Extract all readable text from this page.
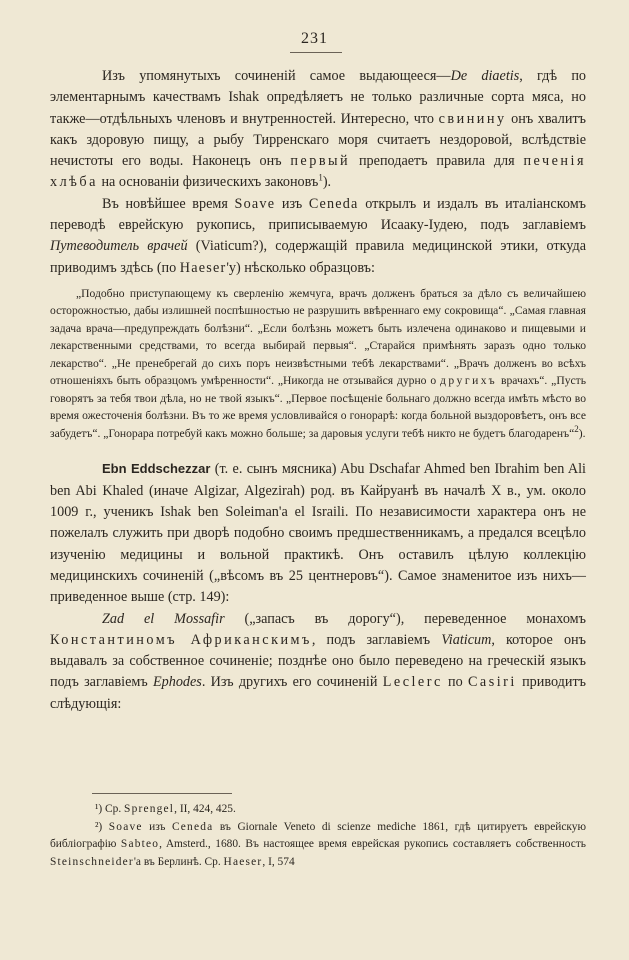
231

Изъ упомянутыхъ сочиненій самое выдающееся—De diaetis, гдѣ по элементарнымъ качествамъ Ishak опредѣляетъ не только различные сорта мяса, но также—отдѣльныхъ членовъ и внутренностей. Интересно, что свинину онъ хвалитъ какъ здоровую пищу, а рыбу Тирренскаго моря считаетъ нездоровой, вслѣдствіе нечистоты его воды. Наконецъ онъ первый преподаетъ правила для печенія хлѣба на основаніи физическихъ законовъ$^1$).

Въ новѣйшее время Soave изъ Ceneda открылъ и издалъ въ италіанскомъ переводѣ еврейскую рукопись, приписываемую Исааку-Іудею, подъ заглавіемъ Путеводитель врачей (Viaticum?), содержащій правила медицинской этики, откуда приводимъ здѣсь (по Haeser'у) нѣсколько образцовъ:

„Подобно приступающему къ сверленію жемчуга, врачъ долженъ браться за дѣло съ величайшею осторожностью, дабы излишней поспѣшностью не разрушить ввѣреннаго ему сокровища“. „Самая главная задача врача—предупреждать болѣзни“. „Если болѣзнь можетъ быть излечена одинаково и пищевыми и лекарственными средствами, то всегда выбирай первыя“. „Старайся примѣнять заразъ одно только лекарство“. „Не пренебрегай до сихъ поръ неизвѣстными тебѣ лекарствами“. „Врачъ долженъ во всѣхъ отношеніяхъ быть образцомъ умѣренности“. „Никогда не отзывайся дурно о другихъ врачахъ“. „Пусть говорятъ за тебя твои дѣла, но не твой языкъ“. „Первое посѣщеніе больнаго должно всегда имѣть мѣсто во время ожесточенія болѣзни. Въ то же время условливайся о гонорарѣ: когда больной выздоровѣетъ, онъ все забудетъ“. „Гонорара потребуй какъ можно больше; за даровыя услуги тебѣ никто не будетъ благодаренъ“$^2$).

Ebn Eddschezzar (т. е. сынъ мясника) Abu Dschafar Ahmed ben Ibrahim ben Ali ben Abi Khaled (иначе Algizar, Algezirah) род. въ Кайруанѣ въ началѣ X в., ум. около 1009 г., ученикъ Ishak ben Soleiman'а el Israili. По независимости характера онъ не пожелалъ служить при дворѣ подобно своимъ предшественникамъ, а предался всецѣло изученію медицины и вольной практикѣ. Онъ оставилъ цѣлую коллекцію медицинскихъ сочиненій („вѣсомъ въ 25 центнеровъ“). Самое знаменитое изъ нихъ—приведенное выше (стр. 149):

Zad el Mossafir („запасъ въ дорогу“), переведенное монахомъ Константиномъ Африканскимъ, подъ заглавіемъ Viaticum, которое онъ выдавалъ за собственное сочиненіе; позднѣе оно было переведено на греческій языкъ подъ заглавіемъ Ephodes. Изъ другихъ его сочиненій Leclerc по Casiri приводитъ слѣдующія:

¹) Ср. Sprengel, II, 424, 425.

²) Soave изъ Ceneda въ Giornale Veneto di scienze mediche 1861, гдѣ цитируетъ еврейскую библіографію Sabteo, Amsterd., 1680. Въ настоящее время еврейская рукопись составляетъ собственность Steinschneider'а въ Берлинѣ. Ср. Haeser, I, 574
